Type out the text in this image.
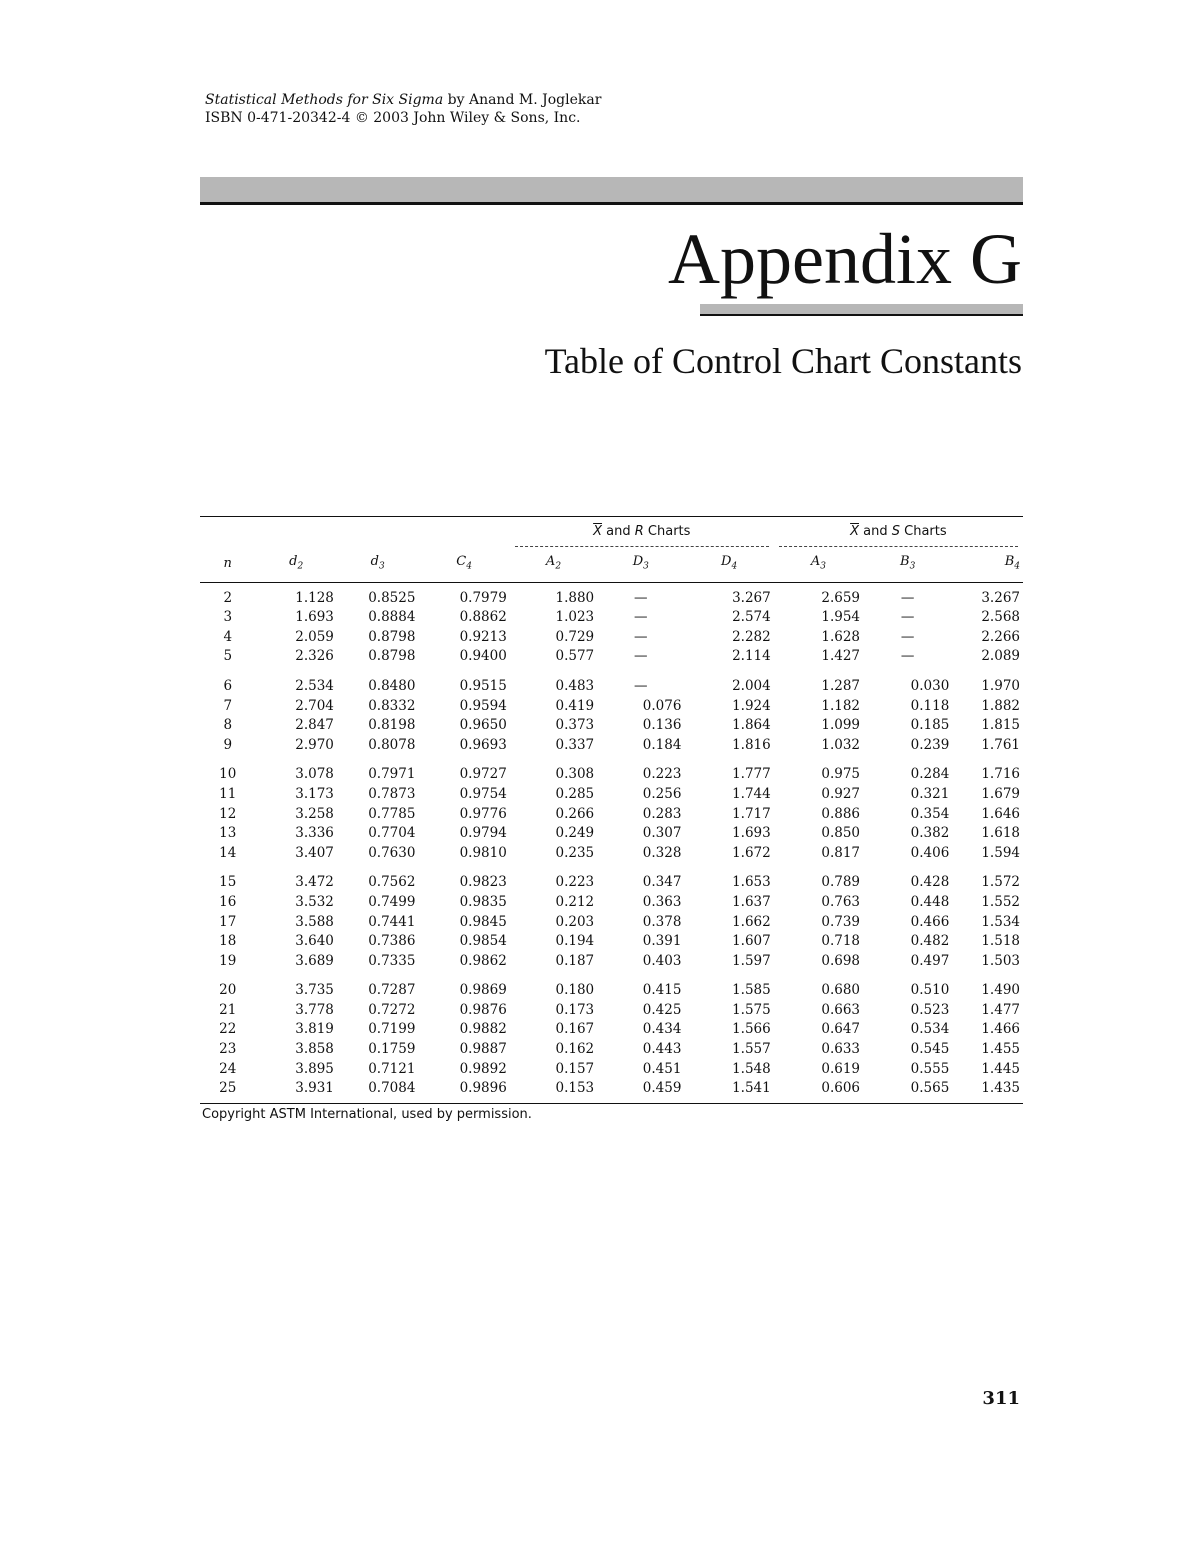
Statistical Methods for Six Sigma by Anand M. Joglekar
ISBN 0-471-20342-4 © 2003 John Wiley & Sons, Inc.
Appendix G
Table of Control Chart Constants

				$\overline{X}$ and R Charts			$\overline{X}$ and S Charts		

n	$d_2$	$d_3$	$C_4$	$A_2$	$D_3$	$D_4$	$A_3$	$B_3$	$B_4$
2	1.128	0.8525	0.7979	1.880	—	3.267	2.659	—	3.267
3	1.693	0.8884	0.8862	1.023	—	2.574	1.954	—	2.568
4	2.059	0.8798	0.9213	0.729	—	2.282	1.628	—	2.266
5	2.326	0.8798	0.9400	0.577	—	2.114	1.427	—	2.089
6	2.534	0.8480	0.9515	0.483	—	2.004	1.287	0.030	1.970
7	2.704	0.8332	0.9594	0.419	0.076	1.924	1.182	0.118	1.882
8	2.847	0.8198	0.9650	0.373	0.136	1.864	1.099	0.185	1.815
9	2.970	0.8078	0.9693	0.337	0.184	1.816	1.032	0.239	1.761
10	3.078	0.7971	0.9727	0.308	0.223	1.777	0.975	0.284	1.716
11	3.173	0.7873	0.9754	0.285	0.256	1.744	0.927	0.321	1.679
12	3.258	0.7785	0.9776	0.266	0.283	1.717	0.886	0.354	1.646
13	3.336	0.7704	0.9794	0.249	0.307	1.693	0.850	0.382	1.618
14	3.407	0.7630	0.9810	0.235	0.328	1.672	0.817	0.406	1.594
15	3.472	0.7562	0.9823	0.223	0.347	1.653	0.789	0.428	1.572
16	3.532	0.7499	0.9835	0.212	0.363	1.637	0.763	0.448	1.552
17	3.588	0.7441	0.9845	0.203	0.378	1.662	0.739	0.466	1.534
18	3.640	0.7386	0.9854	0.194	0.391	1.607	0.718	0.482	1.518
19	3.689	0.7335	0.9862	0.187	0.403	1.597	0.698	0.497	1.503
20	3.735	0.7287	0.9869	0.180	0.415	1.585	0.680	0.510	1.490
21	3.778	0.7272	0.9876	0.173	0.425	1.575	0.663	0.523	1.477
22	3.819	0.7199	0.9882	0.167	0.434	1.566	0.647	0.534	1.466
23	3.858	0.1759	0.9887	0.162	0.443	1.557	0.633	0.545	1.455
24	3.895	0.7121	0.9892	0.157	0.451	1.548	0.619	0.555	1.445
25	3.931	0.7084	0.9896	0.153	0.459	1.541	0.606	0.565	1.435
Copyright ASTM International, used by permission.
311
